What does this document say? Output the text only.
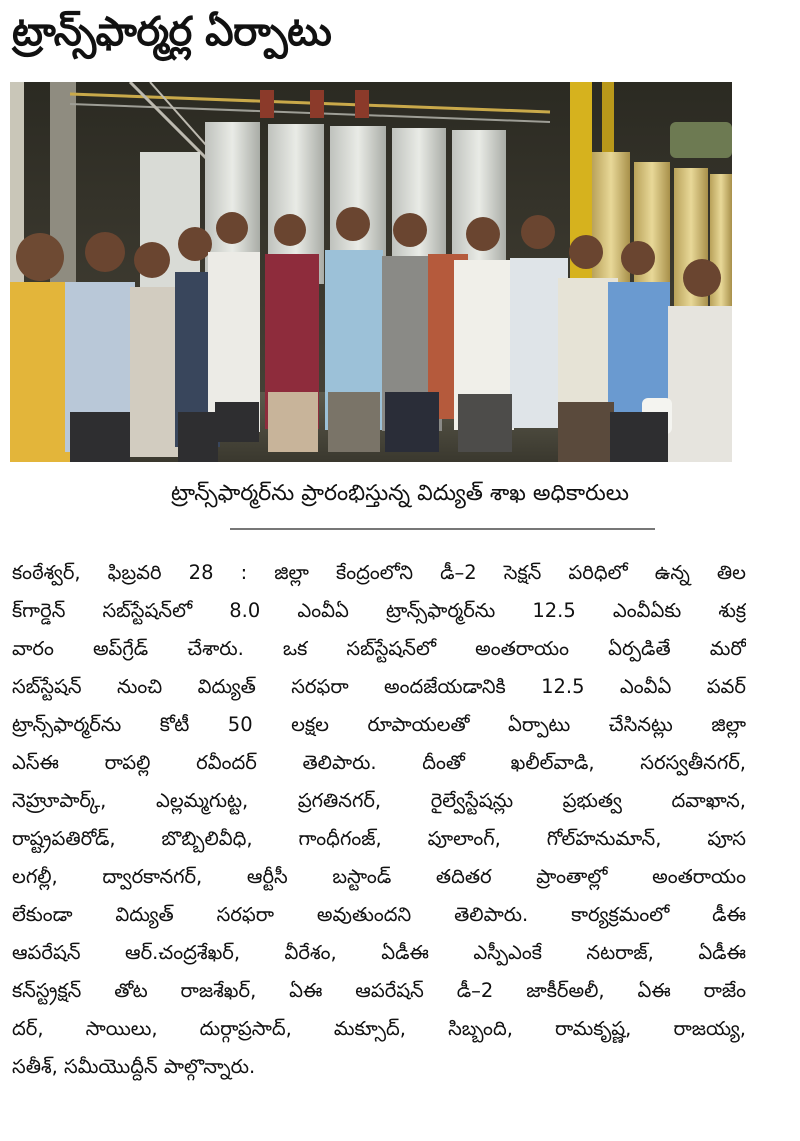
ట్రాన్స్‌ఫార్మర్ల ఏర్పాటు
ట్రాన్స్‌ఫార్మర్‌ను ప్రారంభిస్తున్న విద్యుత్ శాఖ అధికారులు
కంఠేశ్వర్, ఫిబ్రవరి 28 : జిల్లా కేంద్రంలోని డీ–2 సెక్షన్ పరిధిలో ఉన్న తిల
క్‌గార్డెన్ సబ్‌స్టేషన్‌లో 8.0 ఎంవీఏ ట్రాన్స్‌ఫార్మర్‌ను 12.5 ఎంవీఏకు శుక్ర
వారం అప్‌గ్రేడ్ చేశారు. ఒక సబ్‌స్టేషన్‌లో అంతరాయం ఏర్పడితే మరో
సబ్‌స్టేషన్ నుంచి విద్యుత్ సరఫరా అందజేయడానికి 12.5 ఎంవీఏ పవర్
ట్రాన్స్‌ఫార్మర్‌ను కోటీ 50 లక్షల రూపాయలతో ఏర్పాటు చేసినట్లు జిల్లా
ఎస్ఈ రాపల్లి రవీందర్ తెలిపారు. దీంతో ఖలీల్‌వాడి, సరస్వతీనగర్,
నెహ్రూపార్క్, ఎల్లమ్మగుట్ట, ప్రగతినగర్, రైల్వేస్టేషన్లు ప్రభుత్వ దవాఖాన,
రాష్ట్రపతిరోడ్, బొబ్బిలివీధి, గాంధీగంజ్, పూలాంగ్, గోల్‌హనుమాన్, పూస
లగల్లీ, ద్వారకానగర్, ఆర్టీసీ బస్టాండ్ తదితర ప్రాంతాల్లో అంతరాయం
లేకుండా విద్యుత్ సరఫరా అవుతుందని తెలిపారు. కార్యక్రమంలో డీఈ
ఆపరేషన్ ఆర్.చంద్రశేఖర్, వీరేశం, ఏడీఈ ఎస్పీఎంకే నటరాజ్, ఏడీఈ
కన్‌స్ట్రక్షన్ తోట రాజశేఖర్, ఏఈ ఆపరేషన్ డీ–2 జాకీర్‌అలీ, ఏఈ రాజేం
దర్, సాయిలు, దుర్గాప్రసాద్, మక్సూద్, సిబ్బంది, రామకృష్ణ, రాజయ్య,
సతీశ్, సమీయొద్దీన్ పాల్గొన్నారు.
